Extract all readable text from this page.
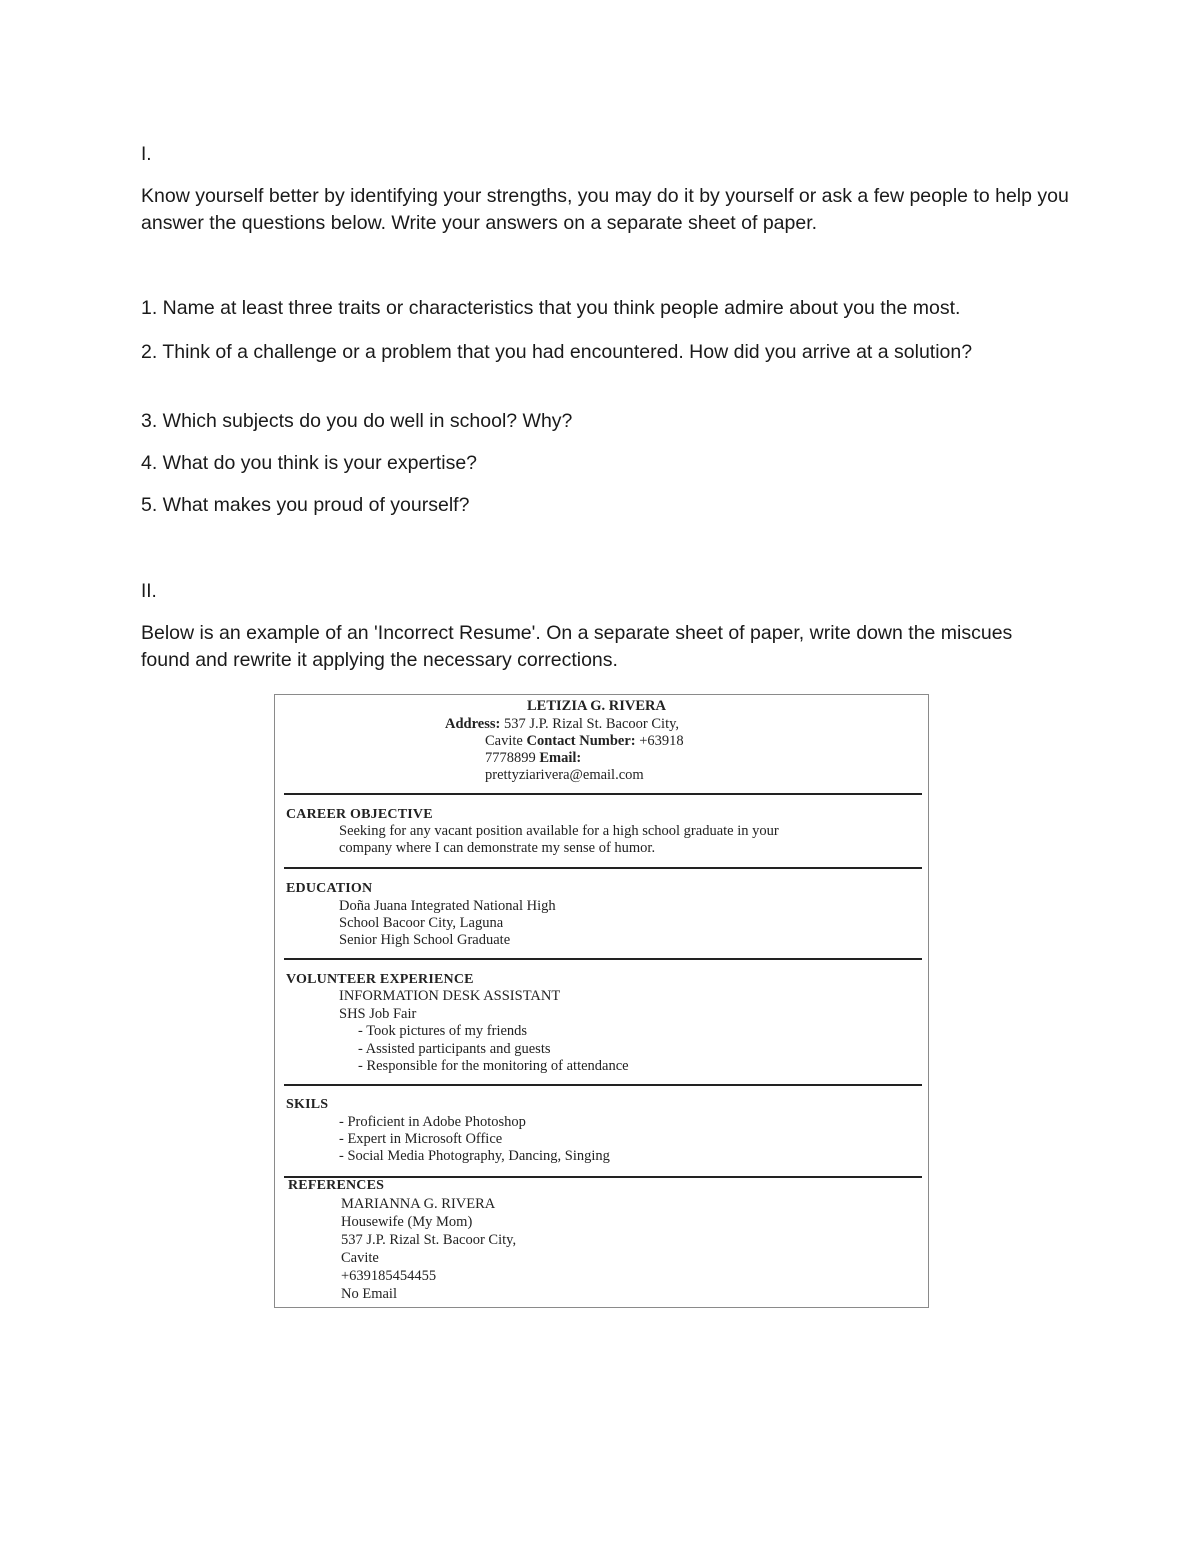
I.

Know yourself better by identifying your strengths, you may do it by yourself or ask a few people to help you answer the questions below. Write your answers on a separate sheet of paper.

1. Name at least three traits or characteristics that you think people admire about you the most.

2. Think of a challenge or a problem that you had encountered. How did you arrive at a solution?

3. Which subjects do you do well in school? Why?

4. What do you think is your expertise?

5. What makes you proud of yourself?

II.

Below is an example of an 'Incorrect Resume'. On a separate sheet of paper, write down the miscues found and rewrite it applying the necessary corrections.

LETIZIA G. RIVERA

Address: 537 J.P. Rizal St. Bacoor City,

Cavite Contact Number: +63918

7778899 Email:

prettyziarivera@email.com

CAREER OBJECTIVE

Seeking for any vacant position available for a high school graduate in your

company where I can demonstrate my sense of humor.

EDUCATION

Doña Juana Integrated National High

School Bacoor City, Laguna

Senior High School Graduate

VOLUNTEER EXPERIENCE

INFORMATION DESK ASSISTANT

SHS Job Fair

- Took pictures of my friends

- Assisted participants and guests

- Responsible for the monitoring of attendance

SKILS

- Proficient in Adobe Photoshop

- Expert in Microsoft Office

- Social Media Photography, Dancing, Singing

REFERENCES

MARIANNA G. RIVERA

Housewife (My Mom)

537 J.P. Rizal St. Bacoor City,

Cavite

+639185454455

No Email
